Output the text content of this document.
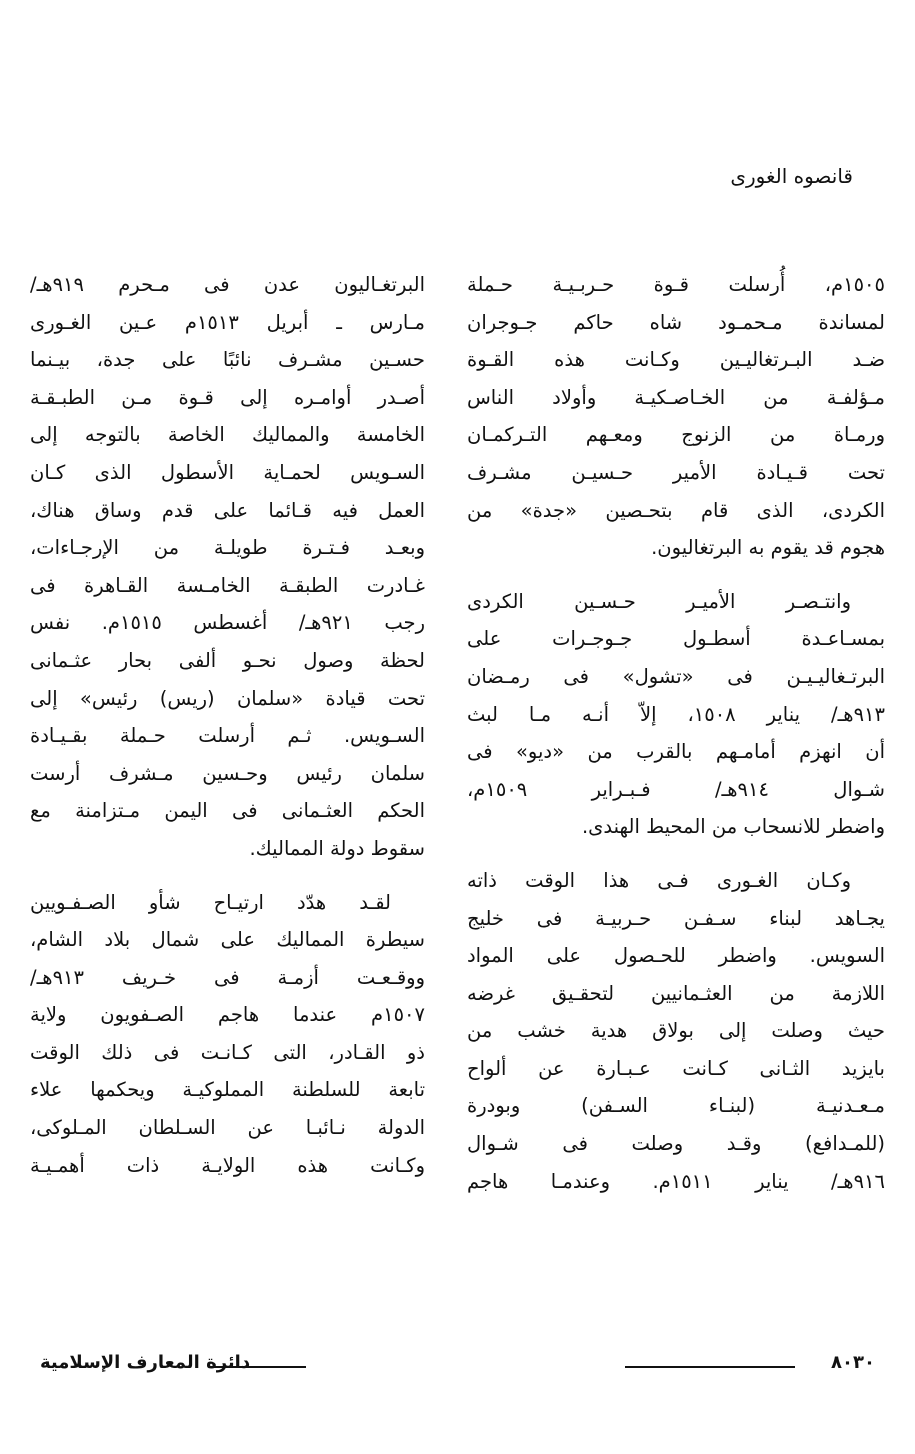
قانصوه الغورى
١٥٠٥م، أُرسلت قـوة حـربـيـة حـملة
لمساندة مـحمـود شاه حاكم جـوجران
ضـد البـرتغاليـين وكـانت هذه القـوة
مـؤلفـة من الخـاصـكيـة وأولاد الناس
ورمـاة من الزنوج ومعـهم التـركمـان
تحت قـيـادة الأمير حـسيـن مشـرف
الكردى، الذى قام بتحـصين «جدة» من
هجوم قد يقوم به البرتغاليون.
وانتـصـر الأميـر حـسـين الكردى
بمسـاعـدة أسطـول جـوجـرات على
البرتـغاليـيـن فى «تشول» فى رمـضان
٩١٣هـ/ يناير ١٥٠٨، إلاّ أنـه مـا لبث
أن انهزم أمامـهم بالقرب من «ديو» فى
شـوال ٩١٤هـ/ فـبـراير ١٥٠٩م،
واضطر للانسحاب من المحيط الهندى.
وكـان الغـورى فـى هذا الوقت ذاته
يجـاهد لبناء سـفـن حـربيـة فى خليج
السويس. واضطر للحـصول على المواد
اللازمة من العثـمانيين لتحقـيق غرضه
حيث وصلت إلى بولاق هدية خشب من
بايزيد الثـانى كـانت عـبـارة عن ألواح
مـعـدنيـة (لبنـاء السـفن) وبودرة
(للمـدافع) وقـد وصلت فى شـوال
٩١٦هـ/ يناير ١٥١١م. وعندمـا هاجم
البرتغـاليون عدن فى مـحرم ٩١٩هـ/
مـارس ـ أبريل ١٥١٣م عـين الغـورى
حسـين مشـرف نائبًا على جدة، بيـنما
أصـدر أوامـره إلى قـوة مـن الطبـقـة
الخامسة والمماليك الخاصة بالتوجه إلى
السـويس لحمـاية الأسطول الذى كـان
العمل فيه قـائما على قدم وساق هناك،
وبعـد فـتـرة طويلـة من الإرجـاءات،
غـادرت الطبقـة الخامـسة القـاهرة فى
رجب ٩٢١هـ/ أغسطس ١٥١٥م. نفس
لحظة وصول نحـو ألفى بحار عثـمانى
تحت قيادة «سلمان (ريس) رئيس» إلى
السـويس. ثـم أرسلت حـملة بقـيـادة
سلمان رئيس وحـسين مـشرف أرست
الحكم العثـمانى فى اليمن مـتزامنة مع
سقوط دولة المماليك.
لقـد هدّد ارتيـاح شأو الصـفـويين
سيطرة المماليك على شمال بلاد الشام،
ووقـعـت أزمـة فى خـريف ٩١٣هـ/
١٥٠٧م عندما هاجم الصـفويون ولاية
ذو القـادر، التى كـانـت فى ذلك الوقت
تابعة للسلطنة المملوكيـة ويحكمها علاء
الدولة نـائبـا عن السـلطان المـلوكى،
وكـانت هذه الولايـة ذات أهمـيـة
٨٠٣٠
دائرة المعارف الإسلامية
